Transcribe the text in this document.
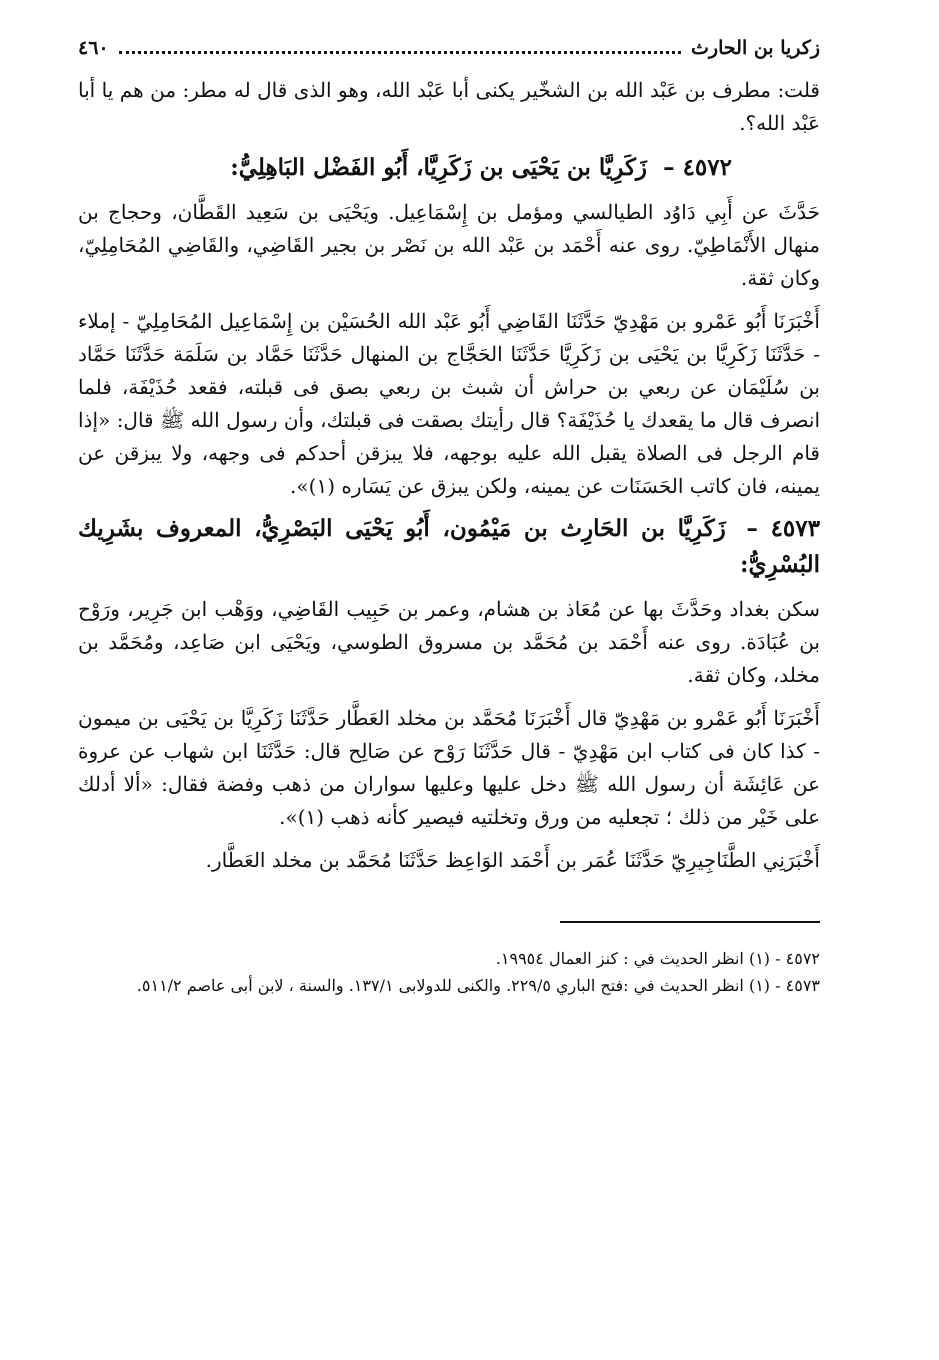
زكريا بن الحارث
٤٦٠

قلت: مطرف بن عَبْد الله بن الشخّير يكنى أبا عَبْد الله، وهو الذى قال له مطر: من هم يا أبا عَبْد الله؟.

٤٥٧٢ – زَكَرِيَّا بن يَحْيَى بن زَكَرِيَّا، أَبُو الفَضْل البَاهِلِيُّ:

حَدَّثَ عن أَبِي دَاوُد الطيالسي ومؤمل بن إِسْمَاعِيل. ويَحْيَى بن سَعِيد القَطَّان، وحجاج بن منهال الأَنْمَاطِيّ. روى عنه أَحْمَد بن عَبْد الله بن نَصْر بن بجير القَاضِي، والقَاضِي المُحَامِلِيّ، وكان ثقة.

أَخْبَرَنَا أَبُو عَمْرو بن مَهْدِيّ حَدَّثَنَا القَاضِي أَبُو عَبْد الله الحُسَيْن بن إِسْمَاعِيل المُحَامِلِيّ - إملاء - حَدَّثَنَا زَكَرِيَّا بن يَحْيَى بن زَكَرِيَّا حَدَّثَنَا الحَجَّاج بن المنهال حَدَّثَنَا حَمَّاد بن سَلَمَة حَدَّثَنَا حَمَّاد بن سُلَيْمَان عن ربعي بن حراش أن شبث بن ربعي بصق فى قبلته، فقعد حُذَيْفَة، فلما انصرف قال ما يقعدك يا حُذَيْفَة؟ قال رأيتك بصقت فى قبلتك، وأن رسول الله ﷺ قال: «إذا قام الرجل فى الصلاة يقبل الله عليه بوجهه، فلا يبزقن أحدكم فى وجهه، ولا يبزقن عن يمينه، فان كاتب الحَسَنَات عن يمينه، ولكن يبزق عن يَسَاره (١)».

٤٥٧٣ – زَكَرِيَّا بن الحَارِث بن مَيْمُون، أَبُو يَحْيَى البَصْرِيُّ، المعروف بشَرِيك البُسْرِيُّ:

سكن بغداد وحَدَّثَ بها عن مُعَاذ بن هشام، وعمر بن حَبِيب القَاضِي، ووَهْب ابن جَرِير، ورَوْح بن عُبَادَة. روى عنه أَحْمَد بن مُحَمَّد بن مسروق الطوسي، ويَحْيَى ابن صَاعِد، ومُحَمَّد بن مخلد، وكان ثقة.

أَخْبَرَنَا أَبُو عَمْرو بن مَهْدِيّ قال أَخْبَرَنَا مُحَمَّد بن مخلد العَطَّار حَدَّثَنَا زَكَرِيَّا بن يَحْيَى بن ميمون - كذا كان فى كتاب ابن مَهْدِيّ - قال حَدَّثَنَا رَوْح عن صَالِح قال: حَدَّثَنَا ابن شهاب عن عروة عن عَائِشَة أن رسول الله ﷺ دخل عليها وعليها سواران من ذهب وفضة فقال: «ألا أدلك على خَيْر من ذلك ؛ تجعليه من ورق وتخلتيه فيصير كأنه ذهب (١)».

أَخْبَرَنِي الطَّنَاجِيرِيّ حَدَّثَنَا عُمَر بن أَحْمَد الوَاعِظ حَدَّثَنَا مُحَمَّد بن مخلد العَطَّار.

٤٥٧٢ - (١) انظر الحديث في : كنز العمال ١٩٩٥٤.

٤٥٧٣ - (١) انظر الحديث في :فتح الباري ٢٢٩/٥. والكنى للدولابى ١٣٧/١. والسنة ، لابن أبى عاصم ٥١١/٢.
